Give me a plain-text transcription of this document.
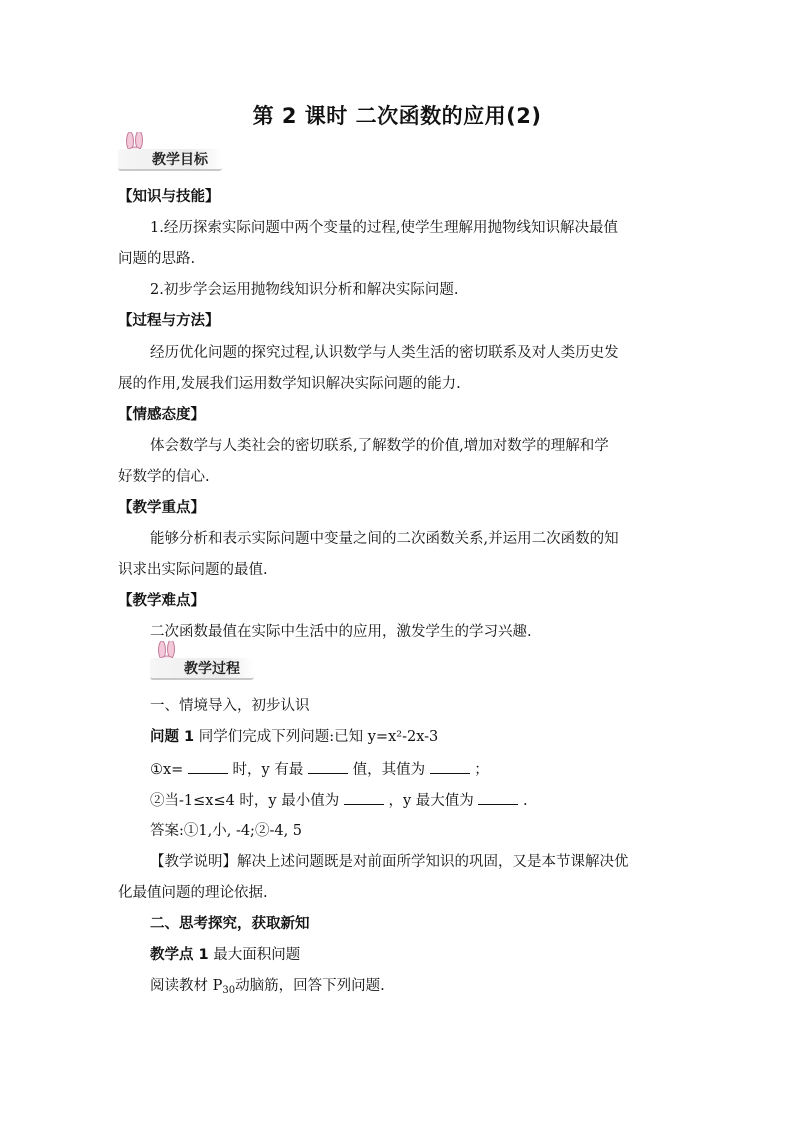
第 2 课时 二次函数的应用(2)
教学目标
【知识与技能】
1.经历探索实际问题中两个变量的过程,使学生理解用抛物线知识解决最值
问题的思路.
2.初步学会运用抛物线知识分析和解决实际问题.
【过程与方法】
经历优化问题的探究过程,认识数学与人类生活的密切联系及对人类历史发
展的作用,发展我们运用数学知识解决实际问题的能力.
【情感态度】
体会数学与人类社会的密切联系,了解数学的价值,增加对数学的理解和学
好数学的信心.
【教学重点】
能够分析和表示实际问题中变量之间的二次函数关系,并运用二次函数的知
识求出实际问题的最值.
【教学难点】
二次函数最值在实际中生活中的应用，激发学生的学习兴趣.
教学过程
一、情境导入，初步认识
问题 1 同学们完成下列问题:已知 y=x²-2x-3
①x=	时，y 有最	值，其值为	；
②当-1≤x≤4 时，y 最小值为	，y 最大值为	.
答案:①1,小, -4;②-4, 5
【教学说明】解决上述问题既是对前面所学知识的巩固，又是本节课解决优
化最值问题的理论依据.
二、思考探究，获取新知
教学点 1 最大面积问题
阅读教材 $P_{30}$动脑筋，回答下列问题.
